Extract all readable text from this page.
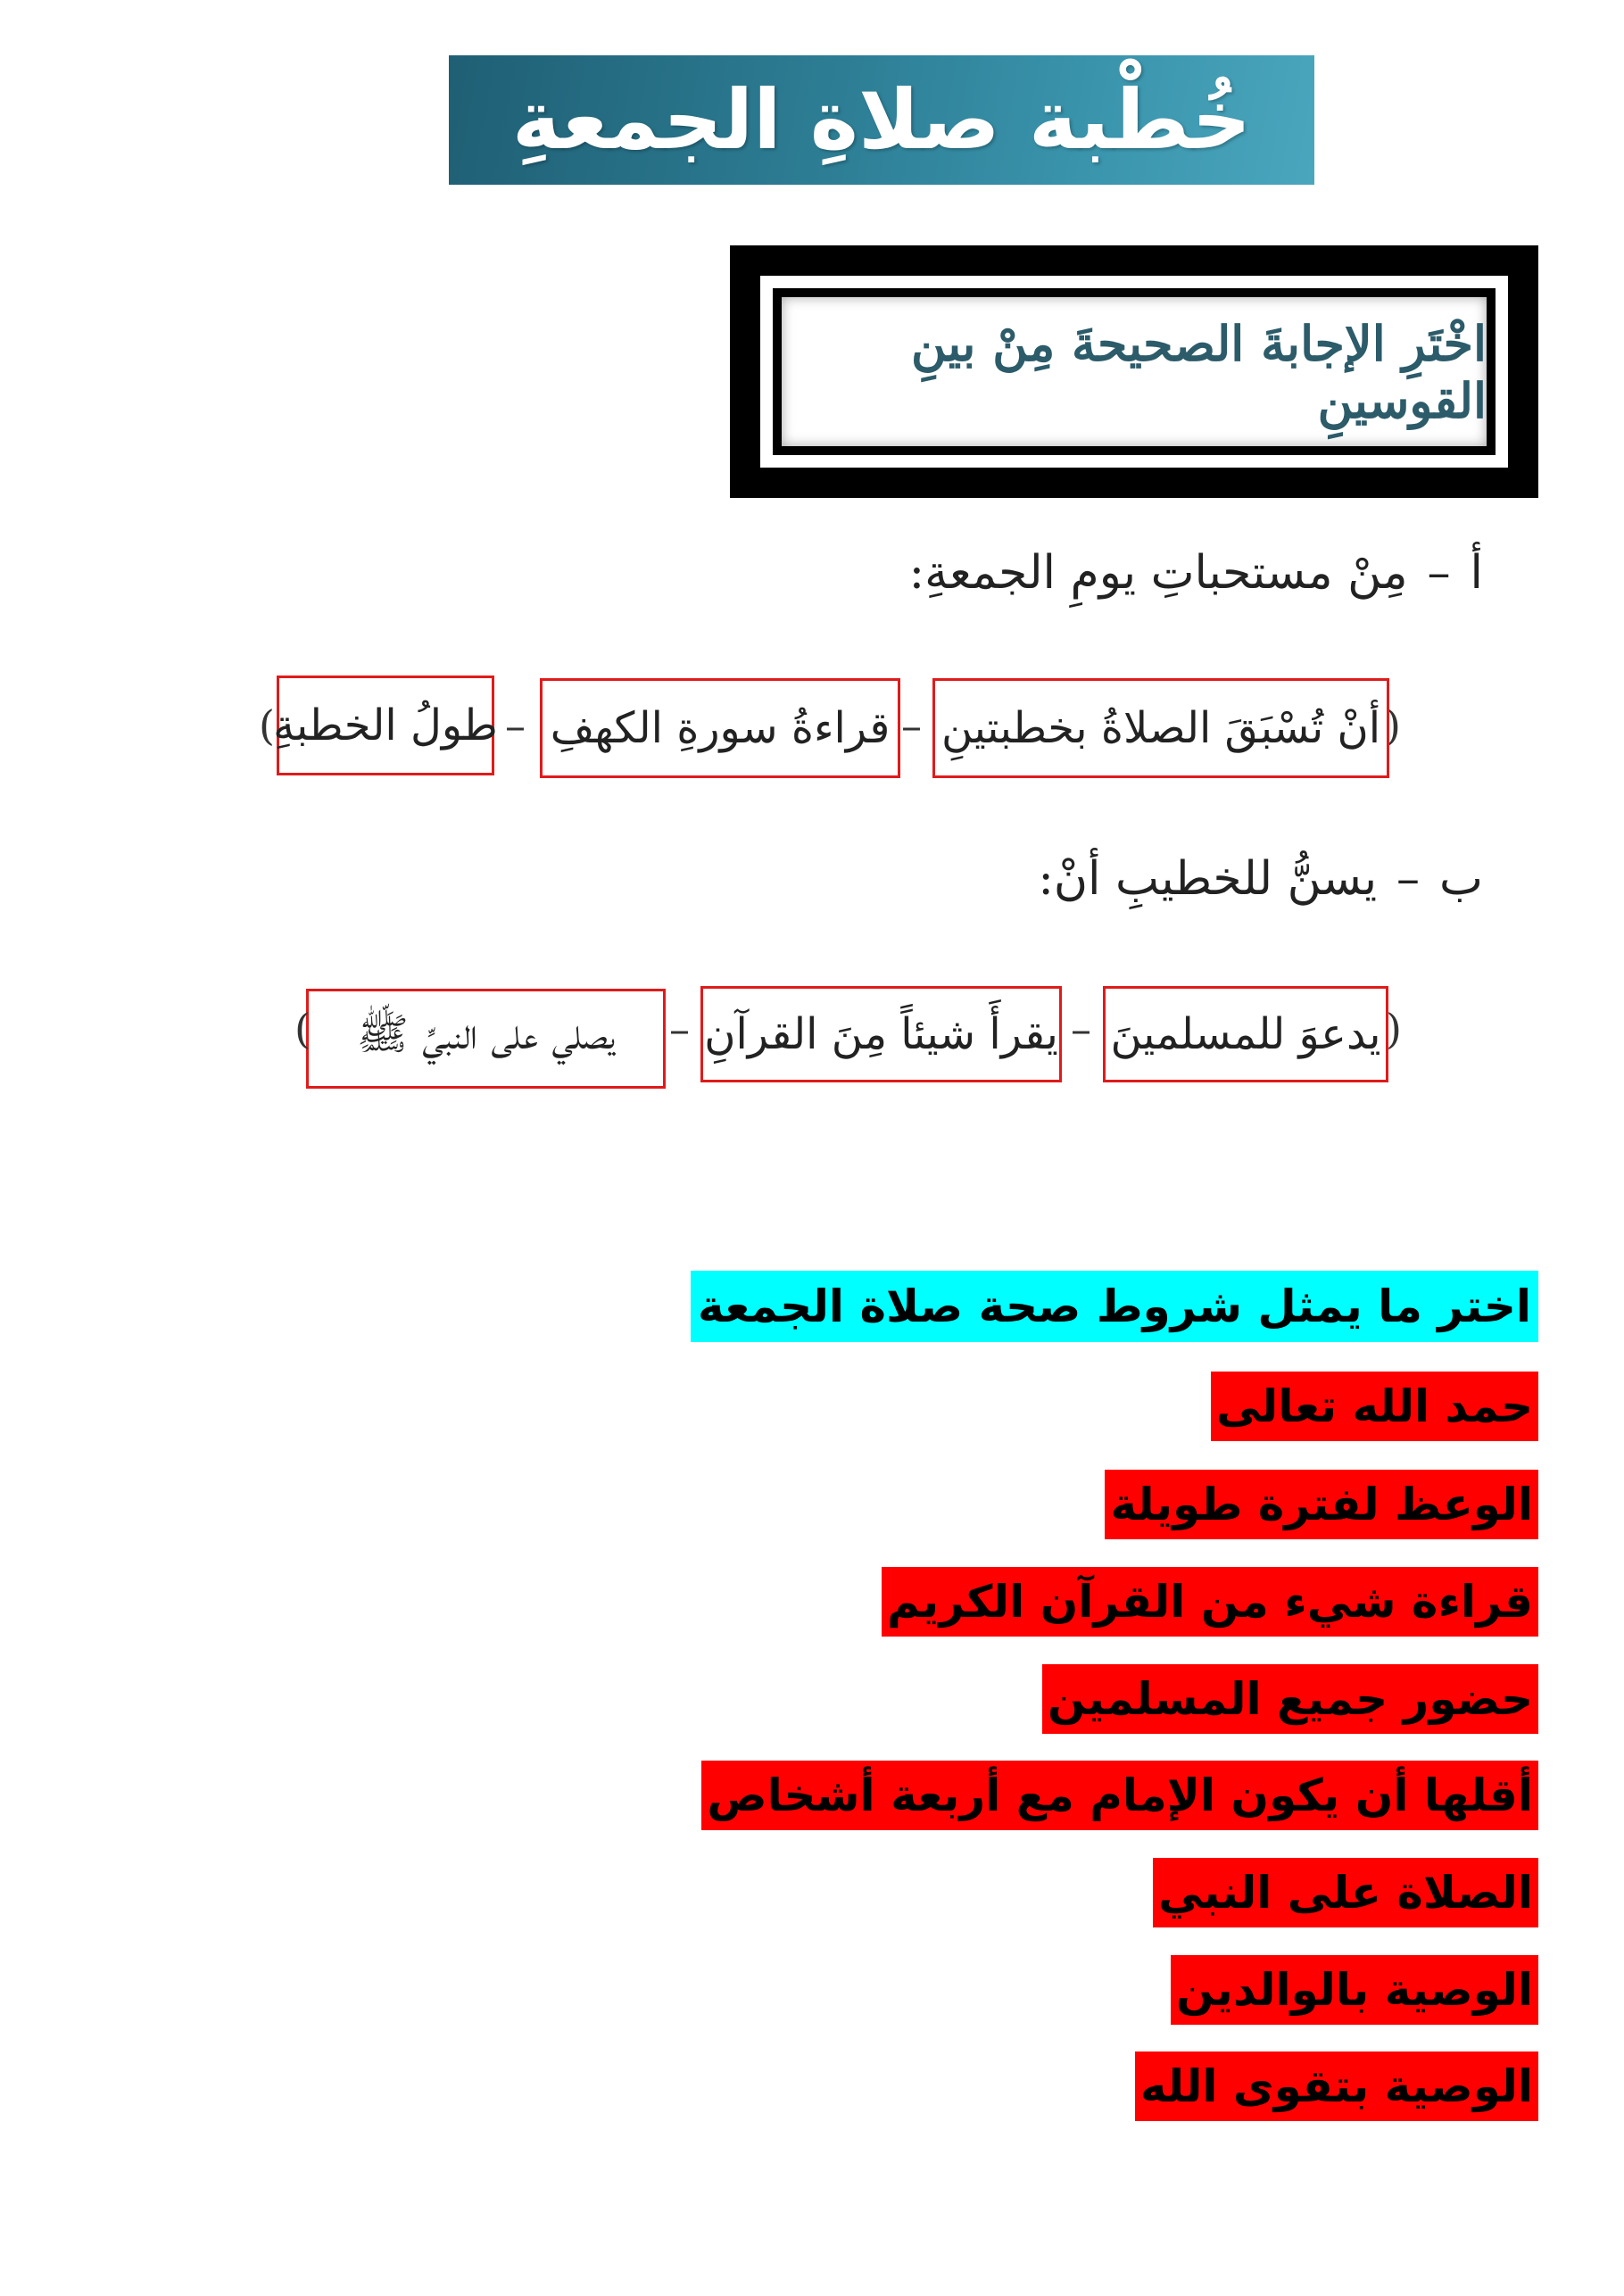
خُطْبة صلاةِ الجمعةِ
اخْتَرِ الإجابةَ الصحيحةَ مِنْ بينِ القوسينِ
أ
–
مِنْ مستحباتِ يومِ الجمعةِ:
(
أنْ تُسْبَقَ الصلاةُ بخطبتينِ
–
قراءةُ سورةِ الكهفِ
–
طولُ الخطبةِ
)
ب
–
يسنُّ للخطيبِ أنْ:
(
يدعوَ للمسلمينَ
–
يقرأَ شيئاً مِنَ القرآنِ
–
يصلي على النبيِّ ﷺ
)
اختر ما يمثل شروط صحة صلاة الجمعة
حمد الله تعالى
الوعظ لفترة طويلة
قراءة شيء من القرآن الكريم
حضور جميع المسلمين
أقلها أن يكون الإمام مع أربعة أشخاص
الصلاة على النبي
الوصية بالوالدين
الوصية بتقوى الله
